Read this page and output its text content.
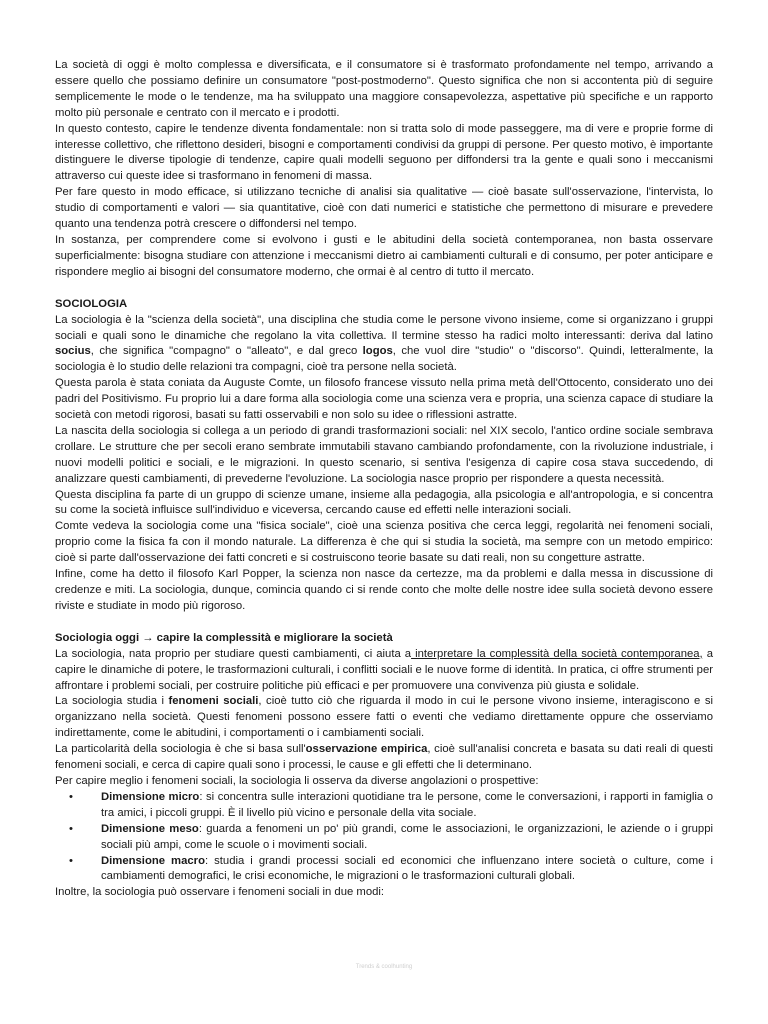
La società di oggi è molto complessa e diversificata, e il consumatore si è trasformato profondamente nel tempo, arrivando a essere quello che possiamo definire un consumatore "post-postmoderno". Questo significa che non si accontenta più di seguire semplicemente le mode o le tendenze, ma ha sviluppato una maggiore consapevolezza, aspettative più specifiche e un rapporto molto più personale e centrato con il mercato e i prodotti.

In questo contesto, capire le tendenze diventa fondamentale: non si tratta solo di mode passeggere, ma di vere e proprie forme di interesse collettivo, che riflettono desideri, bisogni e comportamenti condivisi da gruppi di persone. Per questo motivo, è importante distinguere le diverse tipologie di tendenze, capire quali modelli seguono per diffondersi tra la gente e quali sono i meccanismi attraverso cui queste idee si trasformano in fenomeni di massa.

Per fare questo in modo efficace, si utilizzano tecniche di analisi sia qualitative — cioè basate sull'osservazione, l'intervista, lo studio di comportamenti e valori — sia quantitative, cioè con dati numerici e statistiche che permettono di misurare e prevedere quanto una tendenza potrà crescere o diffondersi nel tempo.

In sostanza, per comprendere come si evolvono i gusti e le abitudini della società contemporanea, non basta osservare superficialmente: bisogna studiare con attenzione i meccanismi dietro ai cambiamenti culturali e di consumo, per poter anticipare e rispondere meglio ai bisogni del consumatore moderno, che ormai è al centro di tutto il mercato.

SOCIOLOGIA

La sociologia è la "scienza della società", una disciplina che studia come le persone vivono insieme, come si organizzano i gruppi sociali e quali sono le dinamiche che regolano la vita collettiva. Il termine stesso ha radici molto interessanti: deriva dal latino socius, che significa "compagno" o "alleato", e dal greco logos, che vuol dire "studio" o "discorso". Quindi, letteralmente, la sociologia è lo studio delle relazioni tra compagni, cioè tra persone nella società.

Questa parola è stata coniata da Auguste Comte, un filosofo francese vissuto nella prima metà dell'Ottocento, considerato uno dei padri del Positivismo. Fu proprio lui a dare forma alla sociologia come una scienza vera e propria, una scienza capace di studiare la società con metodi rigorosi, basati su fatti osservabili e non solo su idee o riflessioni astratte.

La nascita della sociologia si collega a un periodo di grandi trasformazioni sociali: nel XIX secolo, l'antico ordine sociale sembrava crollare. Le strutture che per secoli erano sembrate immutabili stavano cambiando profondamente, con la rivoluzione industriale, i nuovi modelli politici e sociali, e le migrazioni. In questo scenario, si sentiva l'esigenza di capire cosa stava succedendo, di analizzare questi cambiamenti, di prevederne l'evoluzione. La sociologia nasce proprio per rispondere a questa necessità.

Questa disciplina fa parte di un gruppo di scienze umane, insieme alla pedagogia, alla psicologia e all'antropologia, e si concentra su come la società influisce sull'individuo e viceversa, cercando cause ed effetti nelle interazioni sociali.

Comte vedeva la sociologia come una "fisica sociale", cioè una scienza positiva che cerca leggi, regolarità nei fenomeni sociali, proprio come la fisica fa con il mondo naturale. La differenza è che qui si studia la società, ma sempre con un metodo empirico: cioè si parte dall'osservazione dei fatti concreti e si costruiscono teorie basate su dati reali, non su congetture astratte.

Infine, come ha detto il filosofo Karl Popper, la scienza non nasce da certezze, ma da problemi e dalla messa in discussione di credenze e miti. La sociologia, dunque, comincia quando ci si rende conto che molte delle nostre idee sulla società devono essere riviste e studiate in modo più rigoroso.

Sociologia oggi → capire la complessità e migliorare la società

La sociologia, nata proprio per studiare questi cambiamenti, ci aiuta a interpretare la complessità della società contemporanea, a capire le dinamiche di potere, le trasformazioni culturali, i conflitti sociali e le nuove forme di identità. In pratica, ci offre strumenti per affrontare i problemi sociali, per costruire politiche più efficaci e per promuovere una convivenza più giusta e solidale.

La sociologia studia i fenomeni sociali, cioè tutto ciò che riguarda il modo in cui le persone vivono insieme, interagiscono e si organizzano nella società. Questi fenomeni possono essere fatti o eventi che vediamo direttamente oppure che osserviamo indirettamente, come le abitudini, i comportamenti o i cambiamenti sociali.

La particolarità della sociologia è che si basa sull'osservazione empirica, cioè sull'analisi concreta e basata su dati reali di questi fenomeni sociali, e cerca di capire quali sono i processi, le cause e gli effetti che li determinano.

Per capire meglio i fenomeni sociali, la sociologia li osserva da diverse angolazioni o prospettive:

• Dimensione micro: si concentra sulle interazioni quotidiane tra le persone, come le conversazioni, i rapporti in famiglia o tra amici, i piccoli gruppi. È il livello più vicino e personale della vita sociale.
• Dimensione meso: guarda a fenomeni un po' più grandi, come le associazioni, le organizzazioni, le aziende o i gruppi sociali più ampi, come le scuole o i movimenti sociali.
• Dimensione macro: studia i grandi processi sociali ed economici che influenzano intere società o culture, come i cambiamenti demografici, le crisi economiche, le migrazioni o le trasformazioni culturali globali.

Inoltre, la sociologia può osservare i fenomeni sociali in due modi:

Trends & coolhunting
